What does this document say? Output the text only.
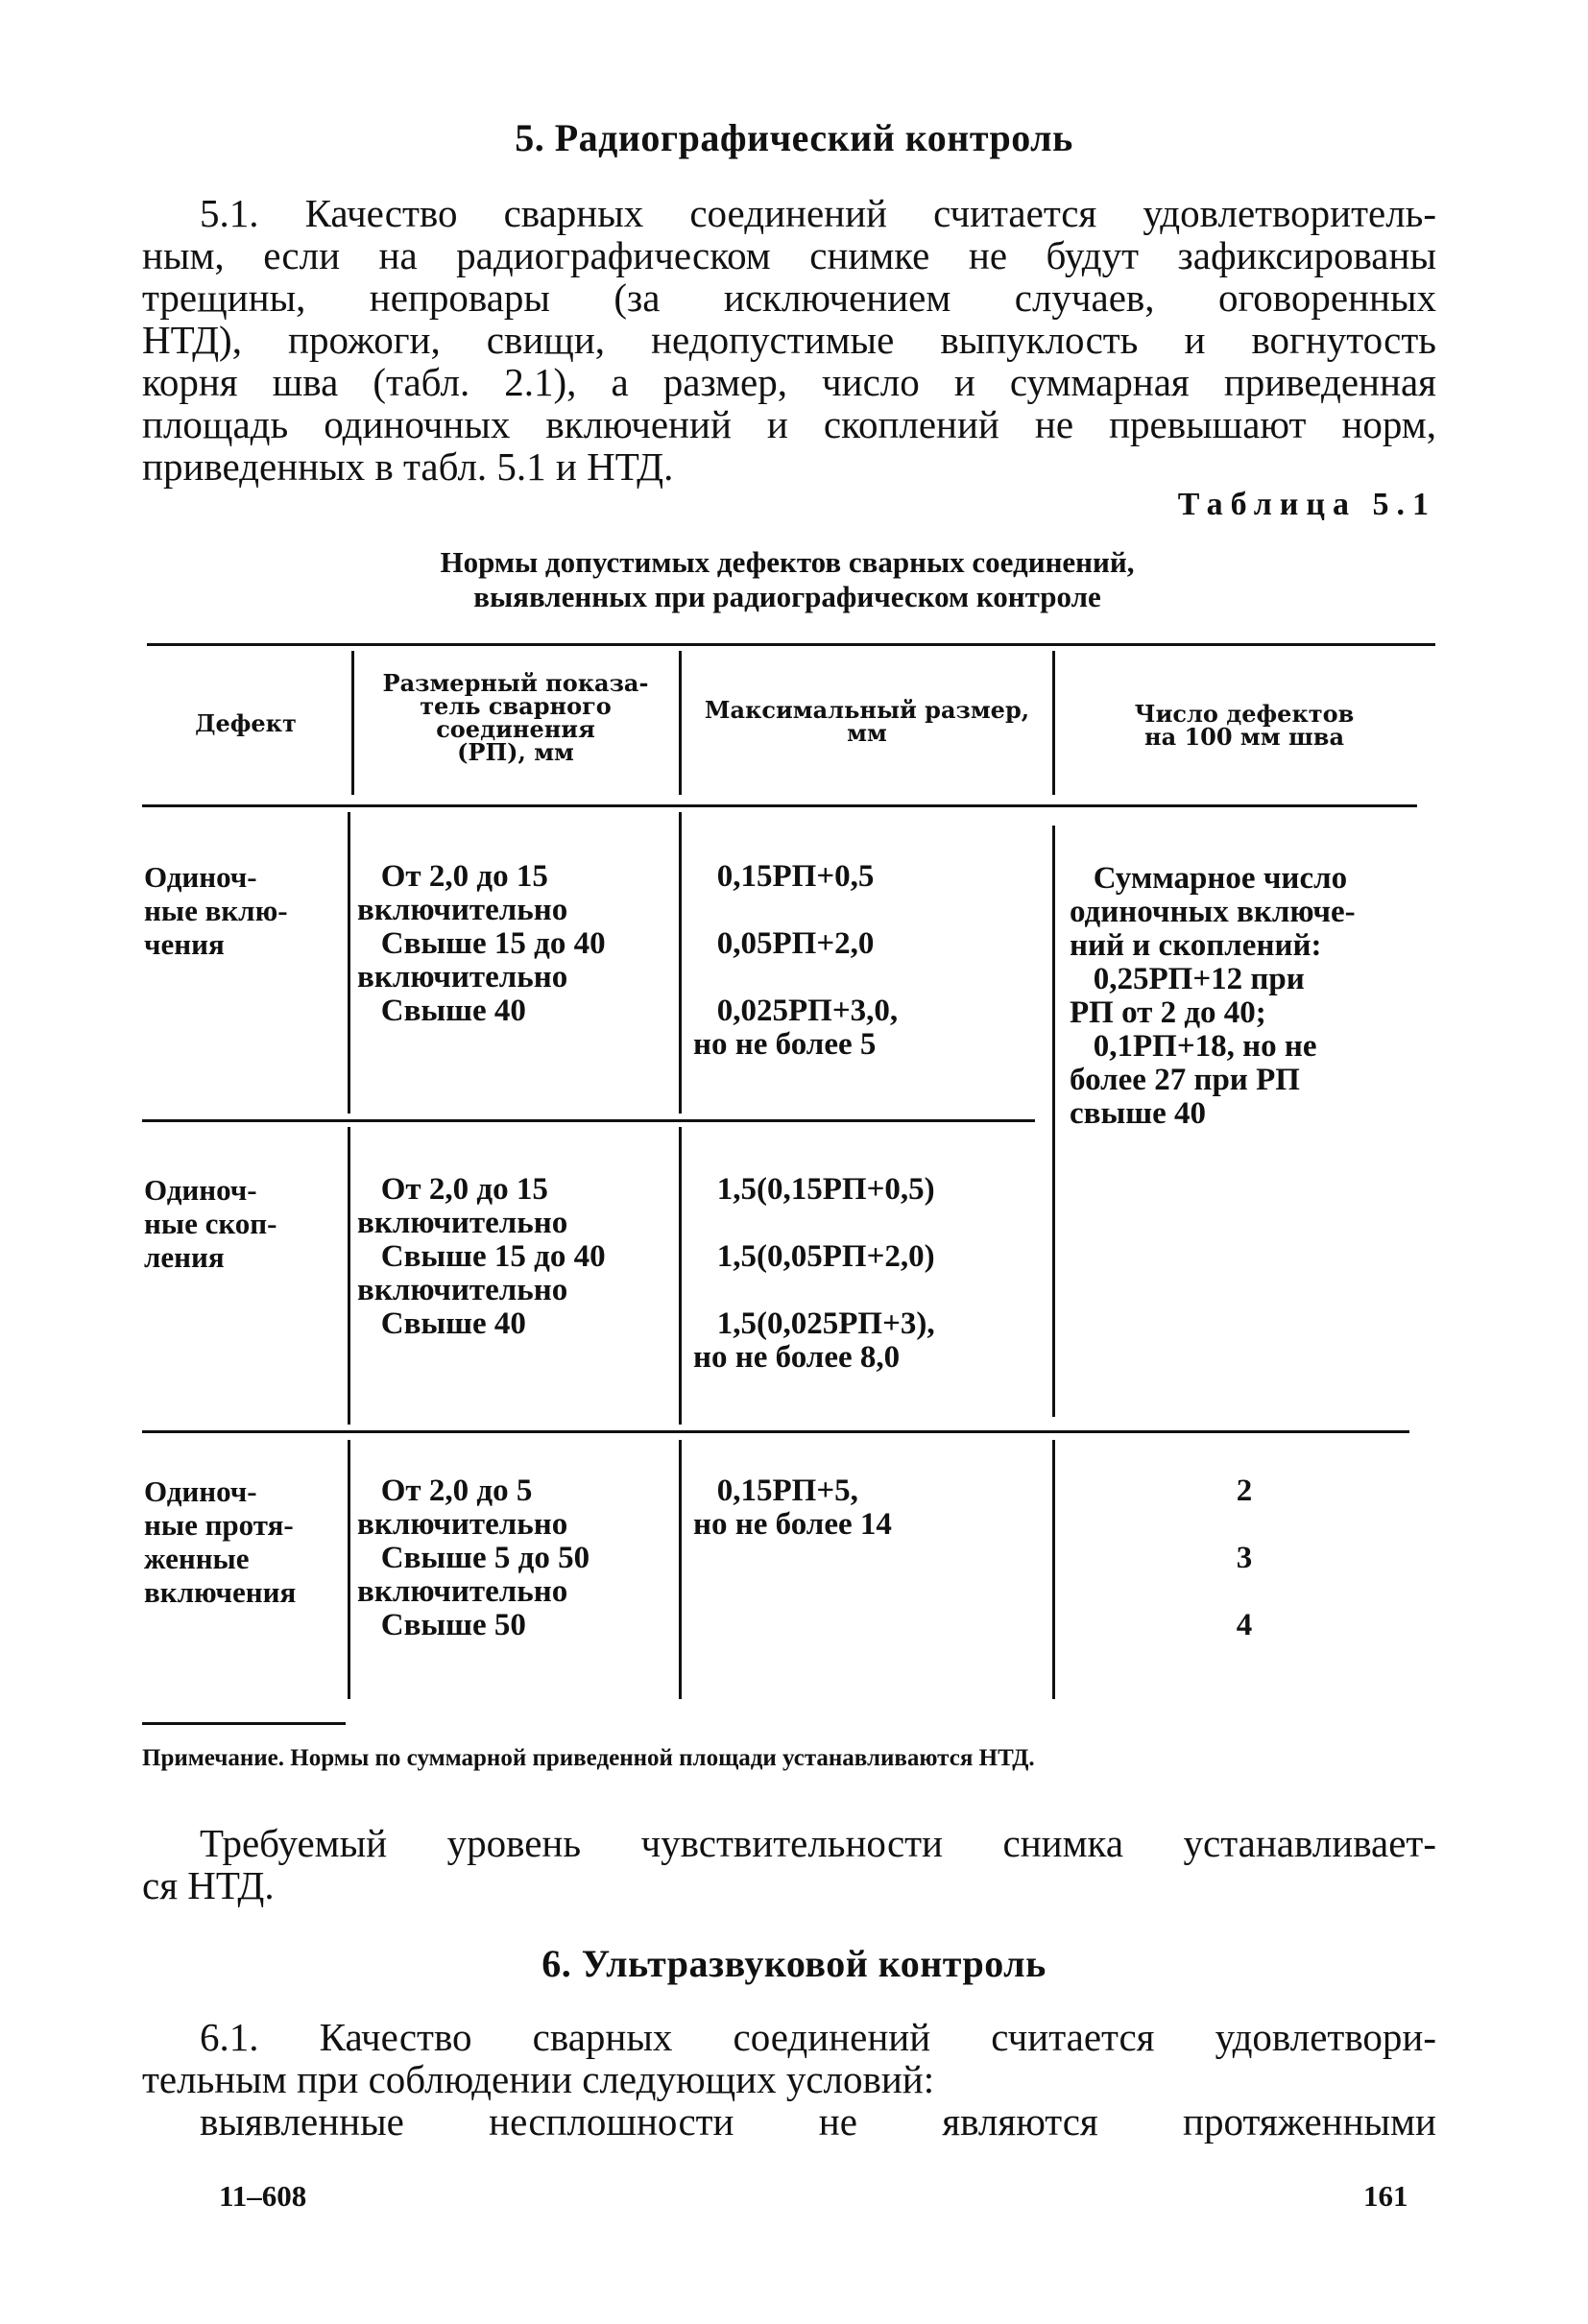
5. Радиографический контроль
5.1. Качество сварных соединений считается удовлетворитель-
ным, если на радиографическом снимке не будут зафиксированы
трещины, непровары (за исключением случаев, оговоренных
НТД), прожоги, свищи, недопустимые выпуклость и вогнутость
корня шва (табл. 2.1), а размер, число и суммарная приведенная
площадь одиночных включений и скоплений не превышают норм,
приведенных в табл. 5.1 и НТД.
Таблица 5.1
Нормы допустимых дефектов сварных соединений,
выявленных при радиографическом контроле
Дефект
Размерный показа-
тель сварного
соединения
(РП), мм
Максимальный размер,
мм
Число дефектов
на 100 мм шва
Одиноч-
ные вклю-
чения
От 2,0 до 15
включительно
Свыше 15 до 40
включительно
Свыше 40
0,15РП+0,5

0,05РП+2,0

0,025РП+3,0,
но не более 5
Суммарное число
одиночных включе-
ний и скоплений:
0,25РП+12 при
РП от 2 до 40;
0,1РП+18, но не
более 27 при РП
свыше 40
Одиноч-
ные скоп-
ления
От 2,0 до 15
включительно
Свыше 15 до 40
включительно
Свыше 40
1,5(0,15РП+0,5)

1,5(0,05РП+2,0)

1,5(0,025РП+3),
но не более 8,0
Одиноч-
ные протя-
женные
включения
От 2,0 до 5
включительно
Свыше 5 до 50
включительно
Свыше 50
0,15РП+5,
но не более 14
2
3
4
Примечание. Нормы по суммарной приведенной площади устанавливаются НТД.
Требуемый уровень чувствительности снимка устанавливает-
ся НТД.
6. Ультразвуковой контроль
6.1. Качество сварных соединений считается удовлетвори-
тельным при соблюдении следующих условий:
выявленные несплошности не являются протяженными
11–608	161
